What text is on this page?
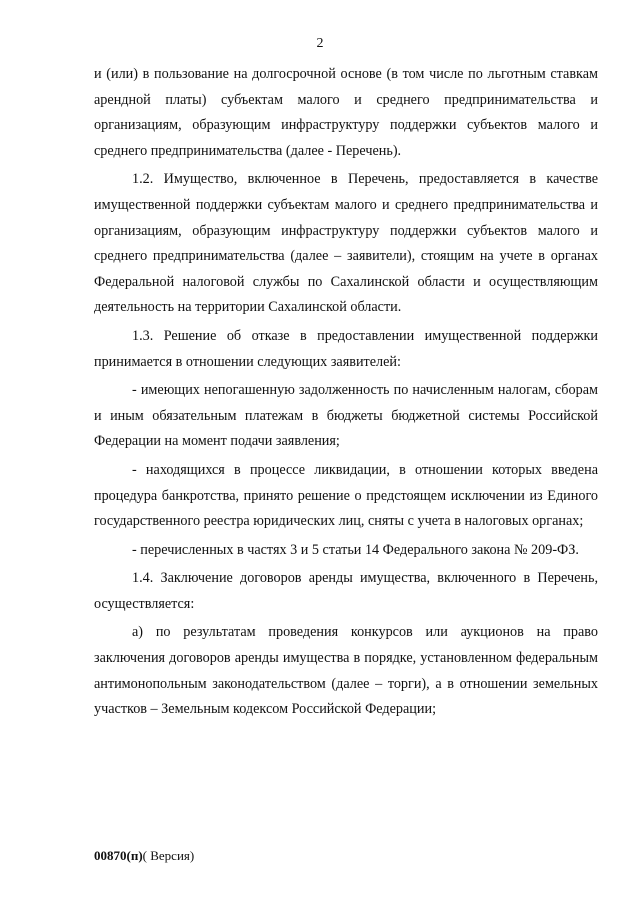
2

и (или) в пользование на долгосрочной основе (в том числе по льготным ставкам арендной платы) субъектам малого и среднего предпринимательства и организациям, образующим инфраструктуру поддержки субъектов малого и среднего предпринимательства (далее - Перечень).

1.2. Имущество, включенное в Перечень, предоставляется в качестве имущественной поддержки субъектам малого и среднего предпринимательства и организациям, образующим инфраструктуру поддержки субъектов малого и среднего предпринимательства (далее – заявители), стоящим на учете в органах Федеральной налоговой службы по Сахалинской области и осуществляющим деятельность на территории Сахалинской области.

1.3. Решение об отказе в предоставлении имущественной поддержки принимается в отношении следующих заявителей:

- имеющих непогашенную задолженность по начисленным налогам, сборам и иным обязательным платежам в бюджеты бюджетной системы Российской Федерации на момент подачи заявления;

- находящихся в процессе ликвидации, в отношении которых введена процедура банкротства, принято решение о предстоящем исключении из Единого государственного реестра юридических лиц, сняты с учета в налоговых органах;

- перечисленных в частях 3 и 5 статьи 14 Федерального закона № 209-ФЗ.

1.4. Заключение договоров аренды имущества, включенного в Перечень, осуществляется:

а) по результатам проведения конкурсов или аукционов на право заключения договоров аренды имущества в порядке, установленном федеральным антимонопольным законодательством (далее – торги), а в отношении земельных участков – Земельным кодексом Российской Федерации;

00870(п)( Версия)
